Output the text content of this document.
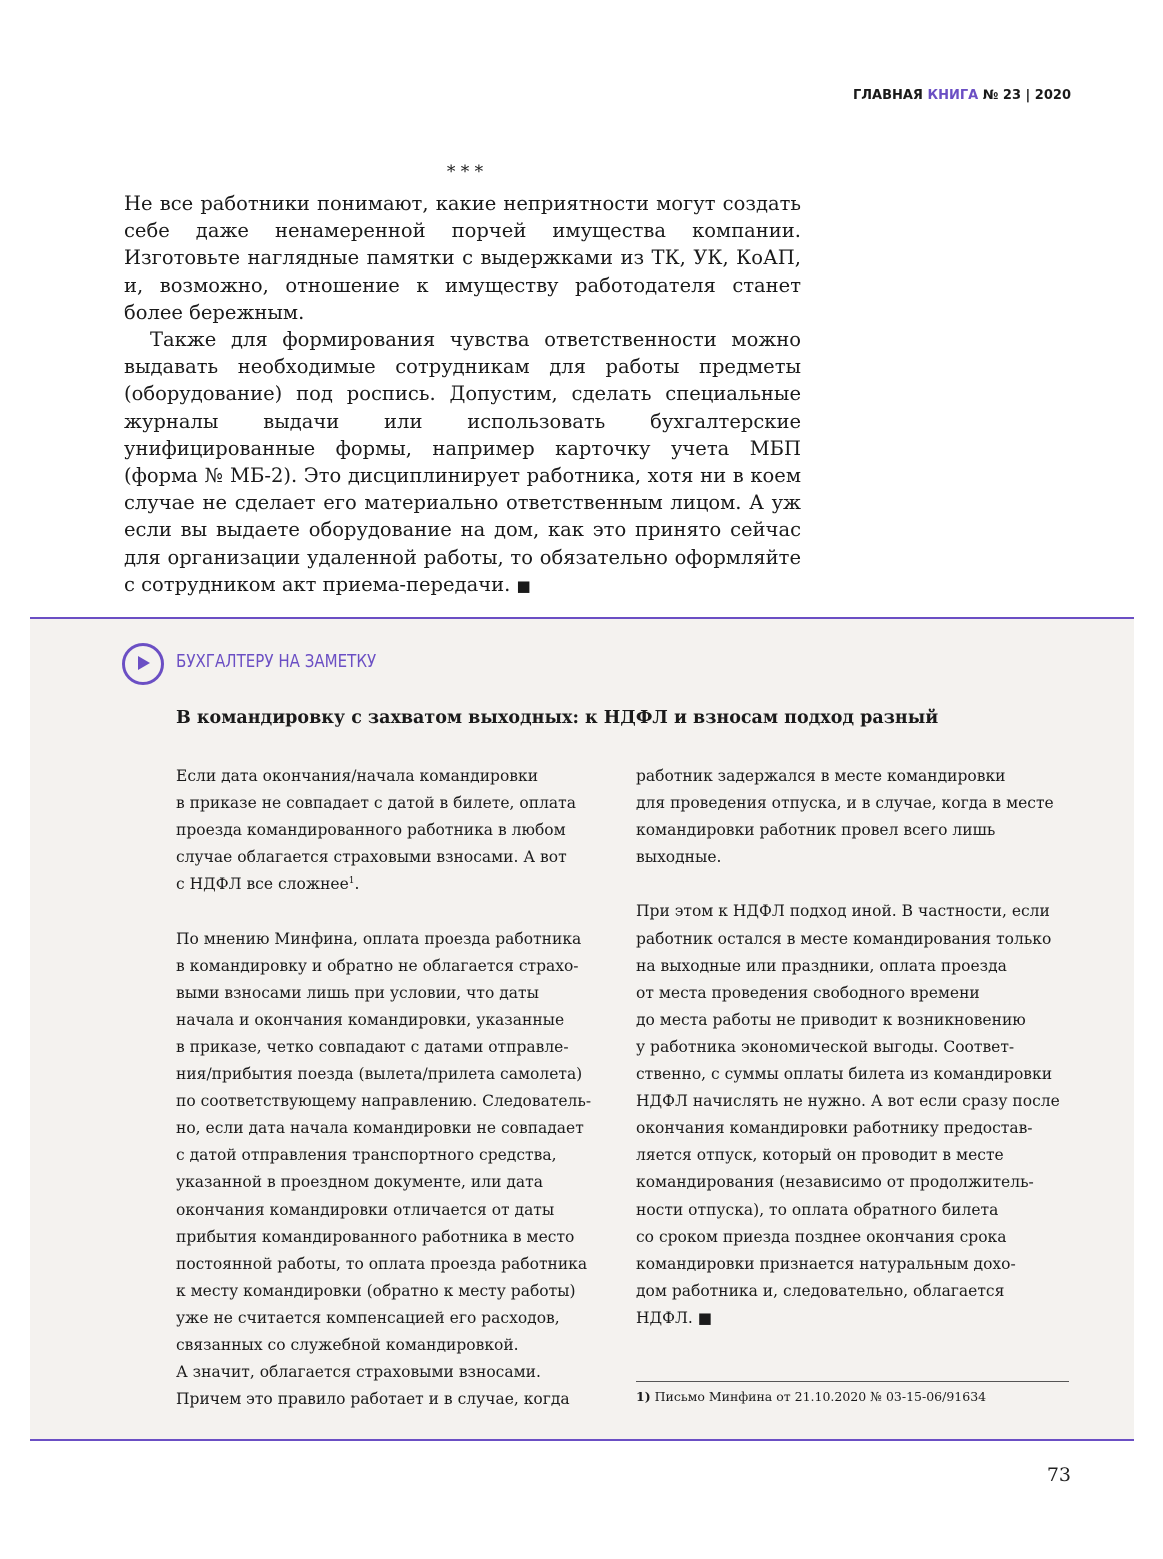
ГЛАВНАЯ КНИГА № 23 | 2020
* * *

Не все работники понимают, какие неприятности могут создать себе даже ненамеренной порчей имущества компании. Изготовьте наглядные памятки с выдержками из ТК, УК, КоАП, и, возможно, отношение к имуществу работодателя станет более бережным.

Также для формирования чувства ответственности можно выдавать необходимые сотрудникам для работы предметы (оборудование) под роспись. Допустим, сделать специальные журналы выдачи или использовать бухгалтерские унифицированные формы, например карточку учета МБП (форма № МБ-2). Это дисциплинирует работника, хотя ни в коем случае не сделает его материально ответственным лицом. А уж если вы выдаете оборудование на дом, как это принято сейчас для организации удаленной работы, то обязательно оформляйте с сотрудником акт приема-передачи. ■

БУХГАЛТЕРУ НА ЗАМЕТКУ
В командировку с захватом выходных: к НДФЛ и взносам подход разный

Если дата окончания/начала командировки
в приказе не совпадает с датой в билете, оплата
проезда командированного работника в любом
случае облагается страховыми взносами. А вот
с НДФЛ все сложнее$^1$.

По мнению Минфина, оплата проезда работника
в командировку и обратно не облагается страхо-
выми взносами лишь при условии, что даты
начала и окончания командировки, указанные
в приказе, четко совпадают с датами отправле-
ния/прибытия поезда (вылета/прилета самолета)
по соответствующему направлению. Следователь-
но, если дата начала командировки не совпадает
с датой отправления транспортного средства,
указанной в проездном документе, или дата
окончания командировки отличается от даты
прибытия командированного работника в место
постоянной работы, то оплата проезда работника
к месту командировки (обратно к месту работы)
уже не считается компенсацией его расходов,
связанных со служебной командировкой.
А значит, облагается страховыми взносами.
Причем это правило работает и в случае, когда

работник задержался в месте командировки
для проведения отпуска, и в случае, когда в месте
командировки работник провел всего лишь
выходные.

При этом к НДФЛ подход иной. В частности, если
работник остался в месте командирования только
на выходные или праздники, оплата проезда
от места проведения свободного времени
до места работы не приводит к возникновению
у работника экономической выгоды. Соответ-
ственно, с суммы оплаты билета из командировки
НДФЛ начислять не нужно. А вот если сразу после
окончания командировки работнику предостав-
ляется отпуск, который он проводит в месте
командирования (независимо от продолжитель-
ности отпуска), то оплата обратного билета
со сроком приезда позднее окончания срока
командировки признается натуральным дохо-
дом работника и, следовательно, облагается
НДФЛ. ■

1) Письмо Минфина от 21.10.2020 № 03-15-06/91634
73
